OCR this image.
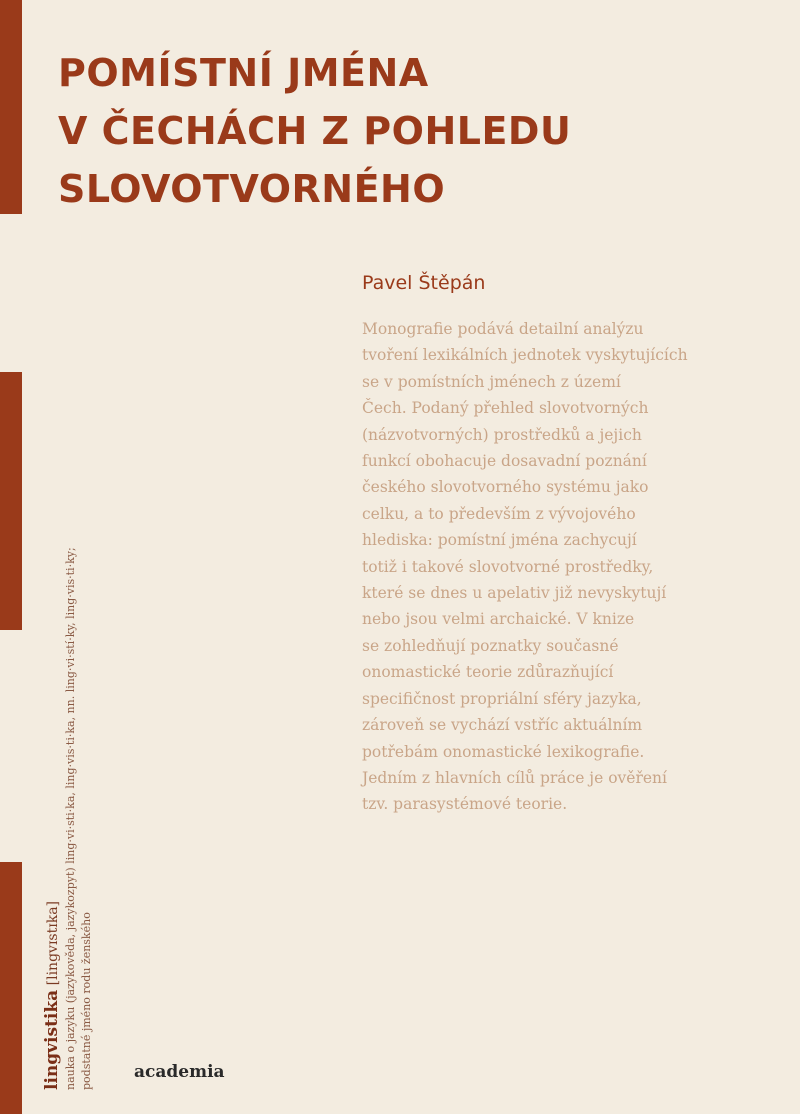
POMÍSTNÍ JMÉNA
V ČECHÁCH Z POHLEDU
SLOVOTVORNÉHO
Pavel Štěpán
Monografie podává detailní analýzu
tvoření lexikálních jednotek vyskytujících
se v pomístních jménech z území
Čech. Podaný přehled slovotvorných
(názvotvorných) prostředků a jejich
funkcí obohacuje dosavadní poznání
českého slovotvorného systému jako
celku, a to především z vývojového
hlediska: pomístní jména zachycují
totiž i takové slovotvorné prostředky,
které se dnes u apelativ již nevyskytují
nebo jsou velmi archaické. V knize
se zohledňují poznatky současné
onomastické teorie zdůrazňující
specifičnost propriální sféry jazyka,
zároveň se vychází vstříc aktuálním
potřebám onomastické lexikografie.
Jedním z hlavních cílů práce je ověření
tzv. parasystémové teorie.
lingvistika [lingvɪstɪka] nauka o jazyku (jazykověda, jazykozpyt) ling·vi·sti·ka, ling·vis·ti·ka, nn. ling·vi·stí·ky, ling·vis·ti·ky; podstatné jméno rodu ženského academia
